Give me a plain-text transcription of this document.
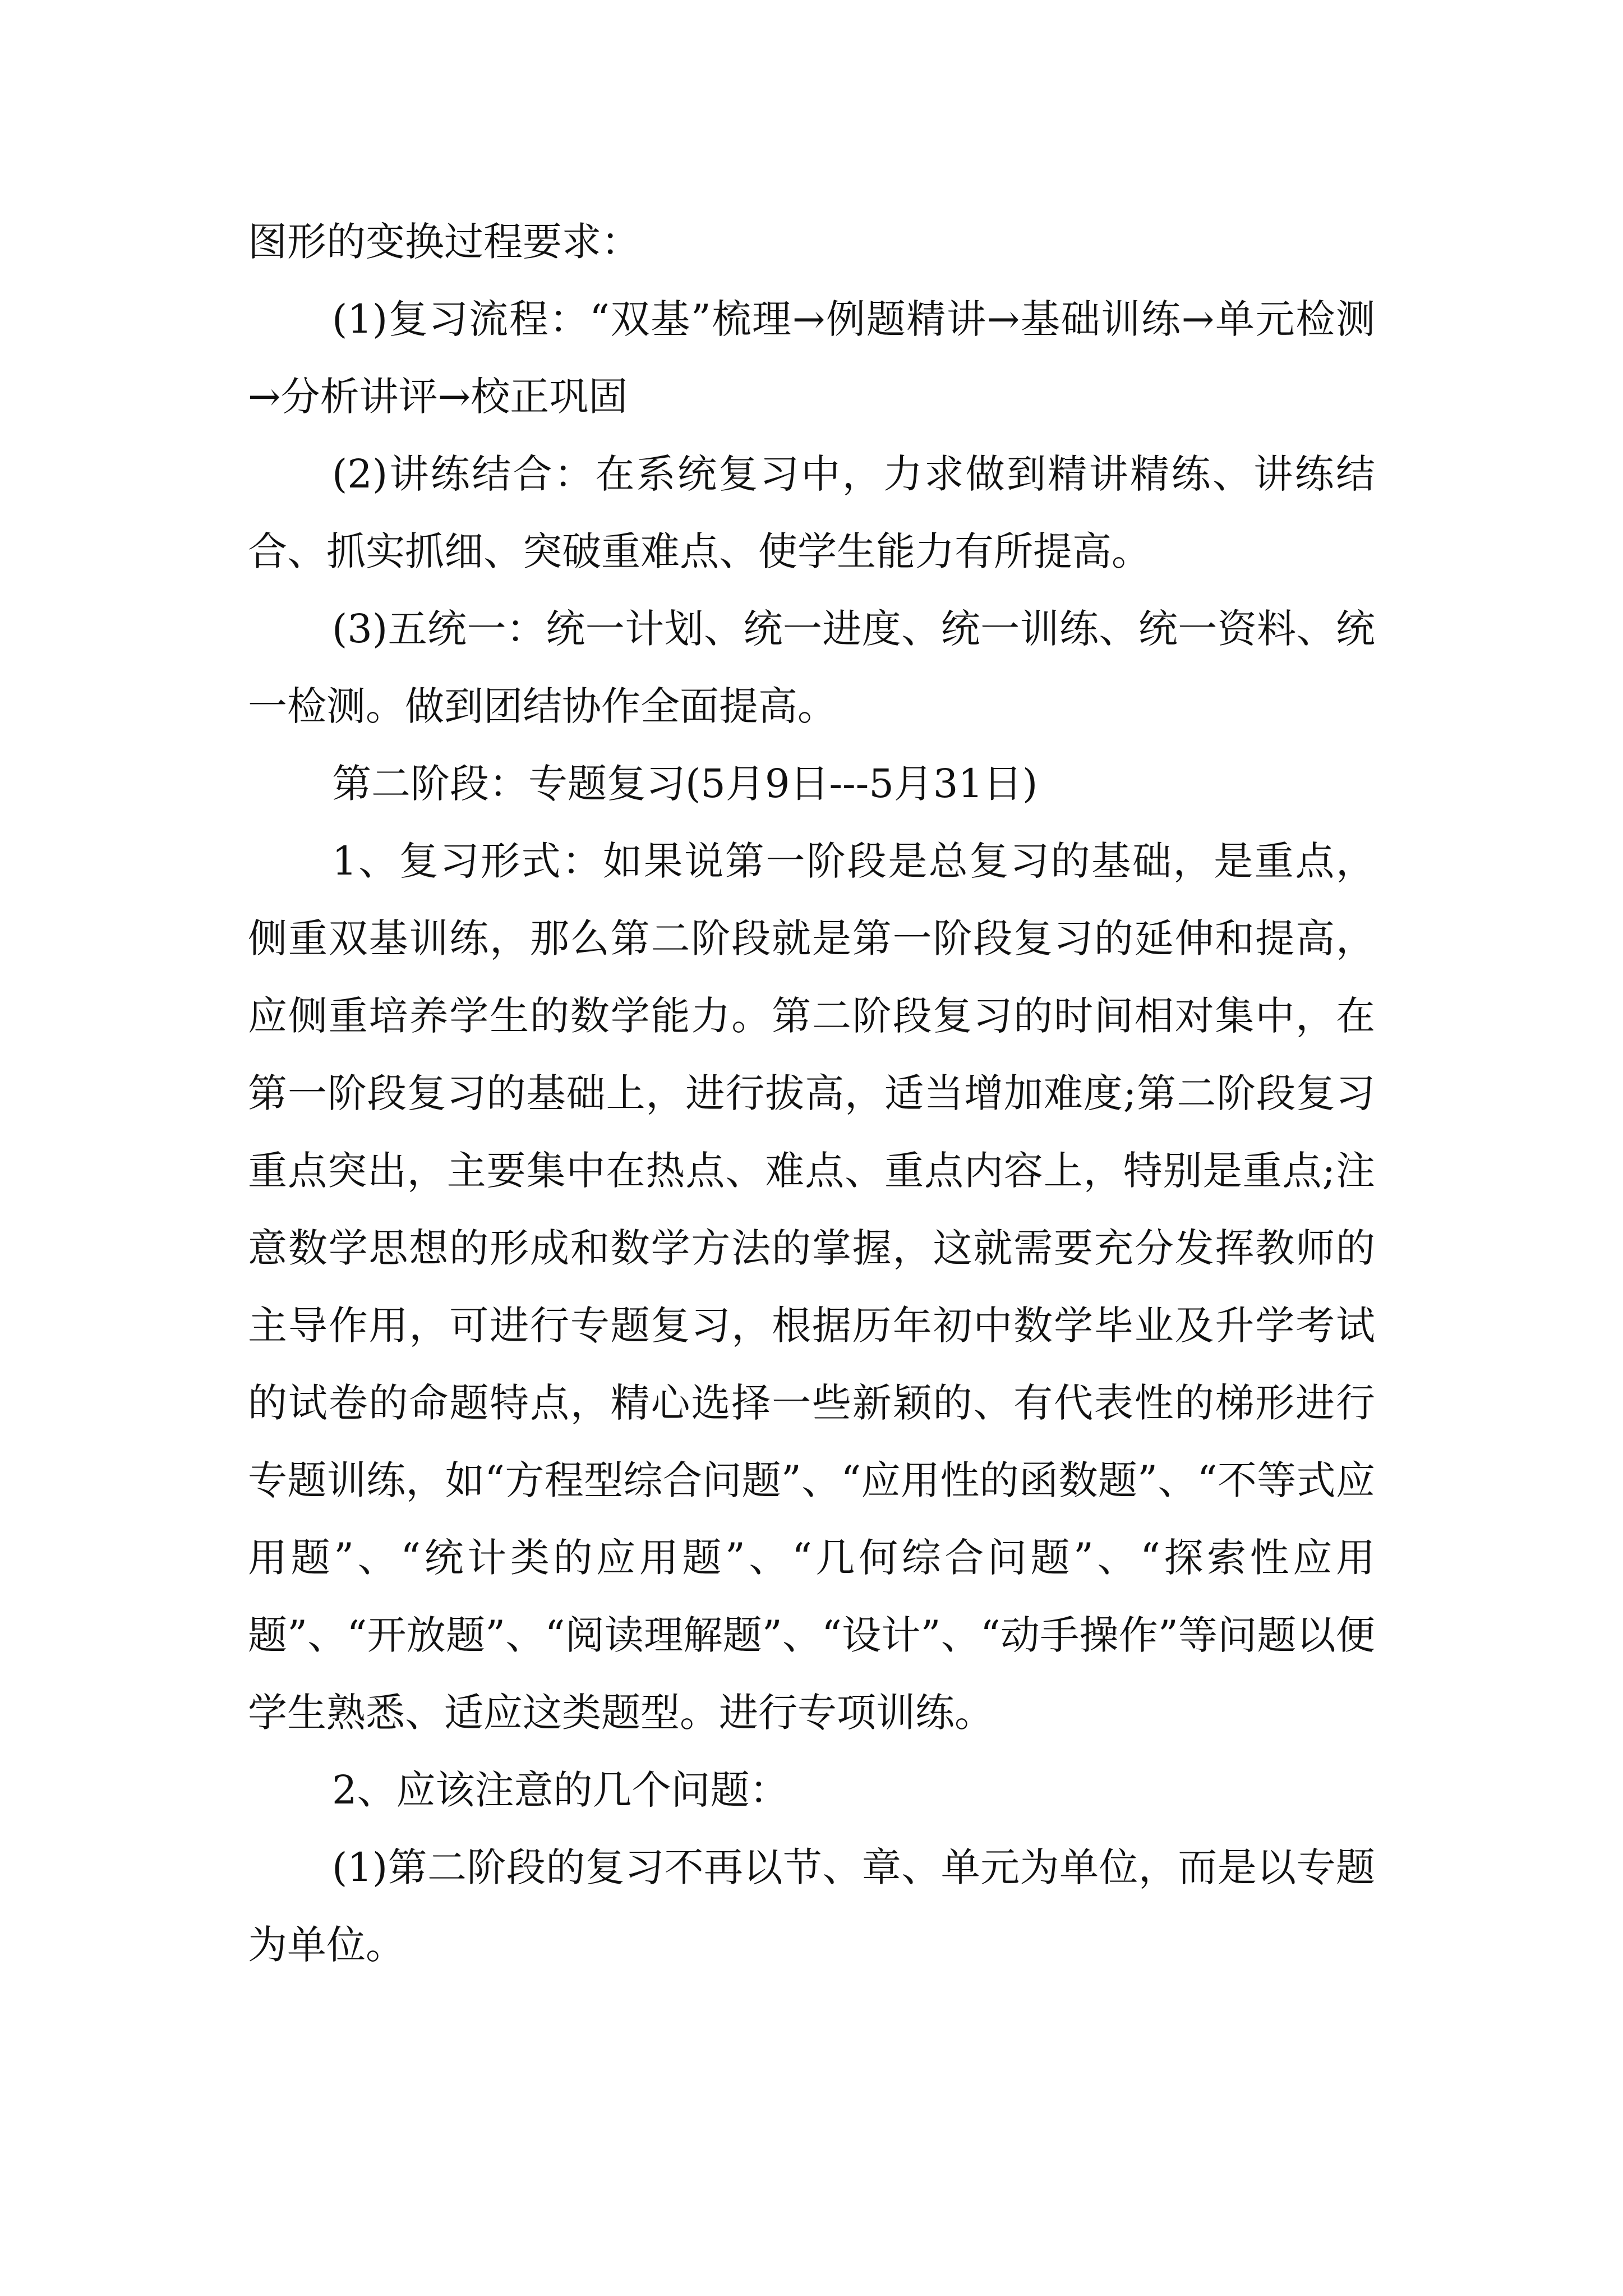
图形的变换过程要求：

(1)复习流程：“双基”梳理→例题精讲→基础训练→单元检测→分析讲评→校正巩固

(2)讲练结合：在系统复习中，力求做到精讲精练、讲练结合、抓实抓细、突破重难点、使学生能力有所提高。

(3)五统一：统一计划、统一进度、统一训练、统一资料、统一检测。做到团结协作全面提高。

第二阶段：专题复习(5月9日---5月31日)

1、复习形式：如果说第一阶段是总复习的基础，是重点，侧重双基训练，那么第二阶段就是第一阶段复习的延伸和提高，应侧重培养学生的数学能力。第二阶段复习的时间相对集中，在第一阶段复习的基础上，进行拔高，适当增加难度;第二阶段复习重点突出，主要集中在热点、难点、重点内容上，特别是重点;注意数学思想的形成和数学方法的掌握，这就需要充分发挥教师的主导作用，可进行专题复习，根据历年初中数学毕业及升学考试的试卷的命题特点，精心选择一些新颖的、有代表性的梯形进行专题训练，如“方程型综合问题”、“应用性的函数题”、“不等式应用题”、“统计类的应用题”、“几何综合问题”、“探索性应用题”、“开放题”、“阅读理解题”、“设计”、“动手操作”等问题以便学生熟悉、适应这类题型。进行专项训练。

2、应该注意的几个问题：

(1)第二阶段的复习不再以节、章、单元为单位，而是以专题为单位。
